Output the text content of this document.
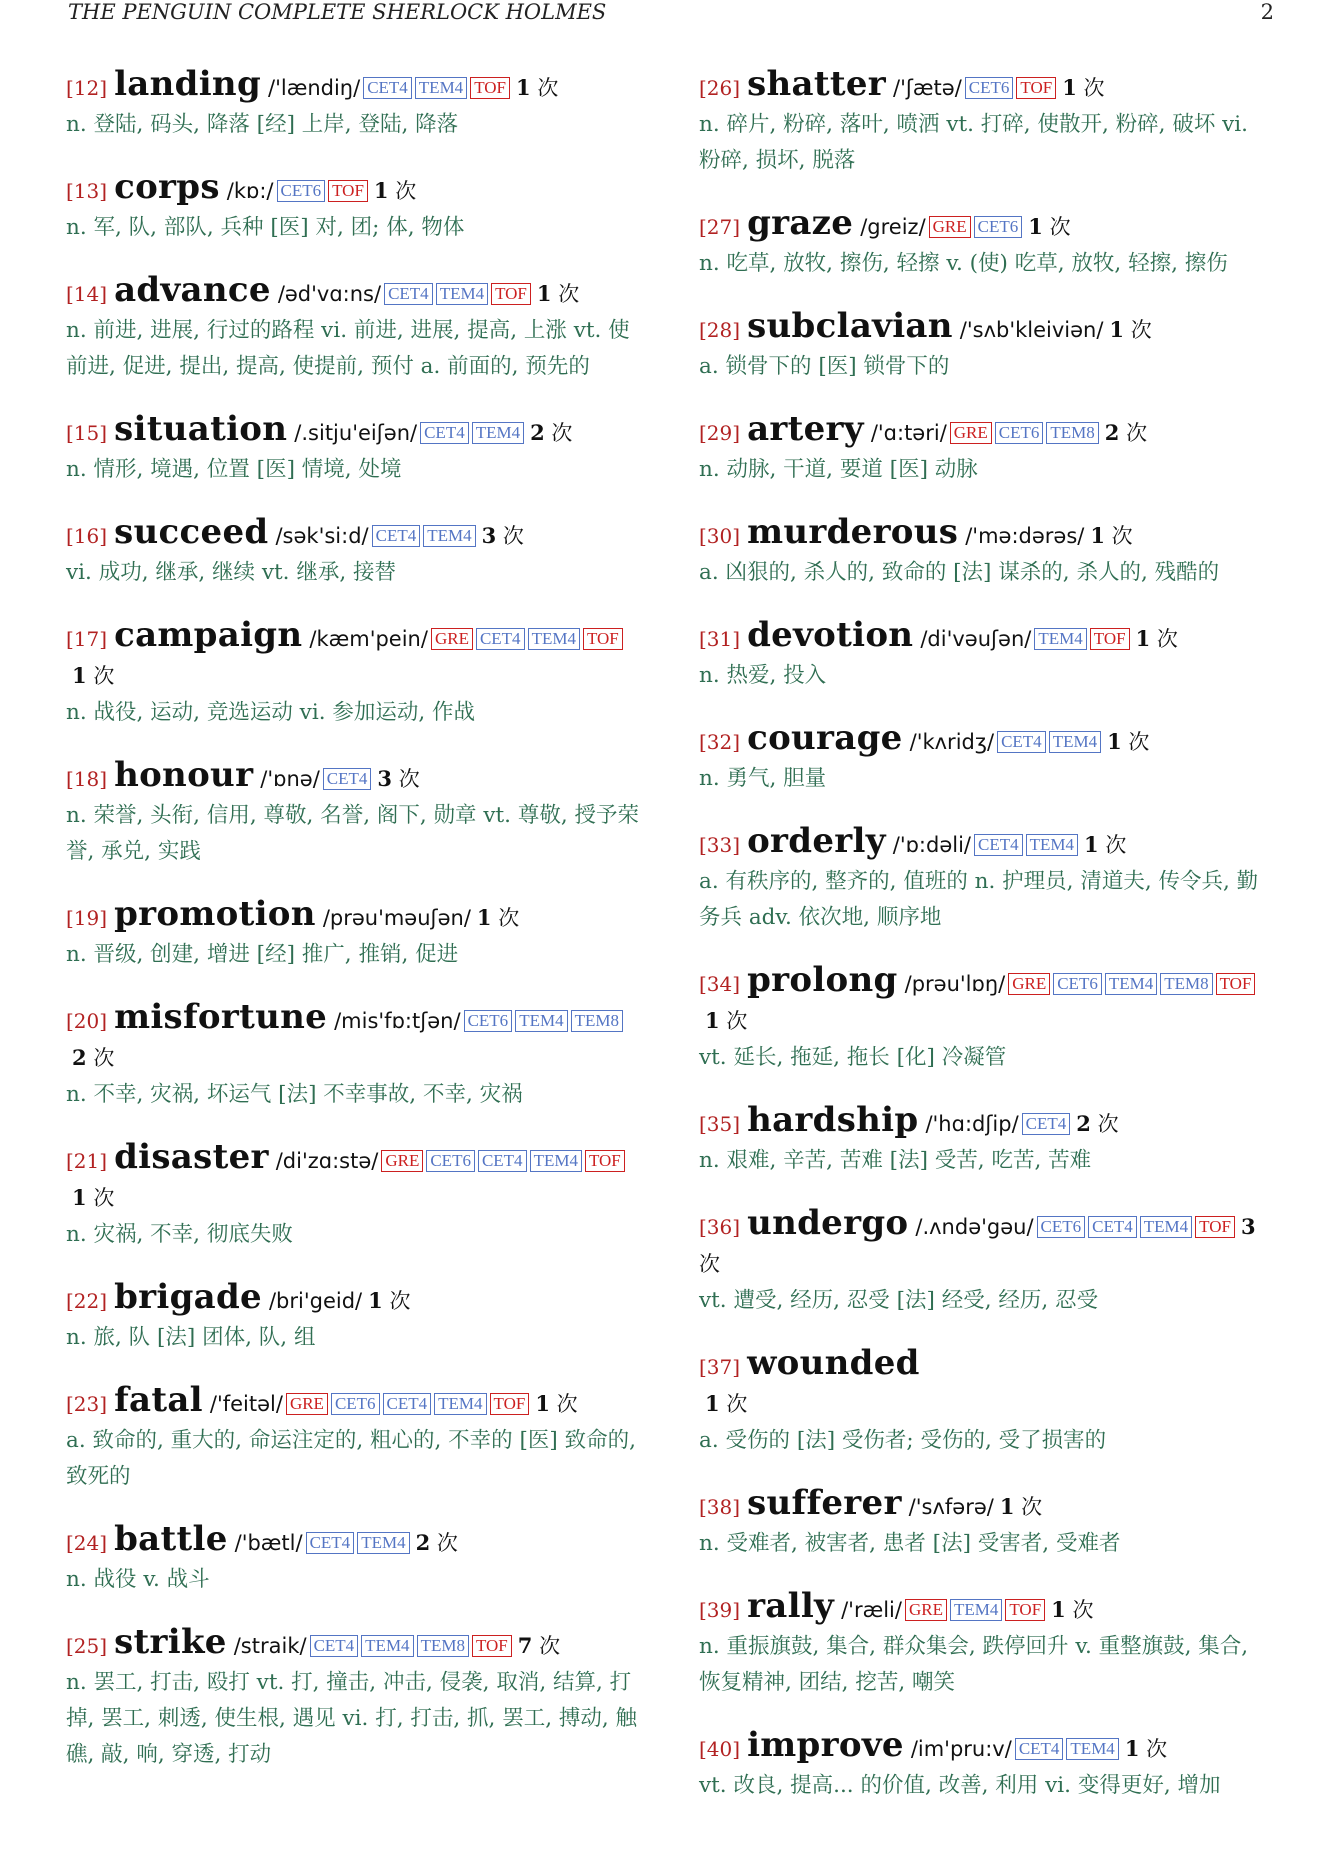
THE PENGUIN COMPLETE SHERLOCK HOLMES	2
[12] landing /'lændiŋ/ CET4 TEM4 TOF 1 次
n. 登陆, 码头, 降落 [经] 上岸, 登陆, 降落
[13] corps /kɒ:/ CET6 TOF 1 次
n. 军, 队, 部队, 兵种 [医] 对, 团; 体, 物体
[14] advance /əd'vɑ:ns/ CET4 TEM4 TOF 1 次
n. 前进, 进展, 行过的路程 vi. 前进, 进展, 提高, 上涨 vt. 使前进, 促进, 提出, 提高, 使提前, 预付 a. 前面的, 预先的
[15] situation /.sitju'eiʃən/ CET4 TEM4 2 次
n. 情形, 境遇, 位置 [医] 情境, 处境
[16] succeed /sək'si:d/ CET4 TEM4 3 次
vi. 成功, 继承, 继续 vt. 继承, 接替
[17] campaign /kæm'pein/ GRE CET4 TEM4 TOF1 次
n. 战役, 运动, 竞选运动 vi. 参加运动, 作战
[18] honour /'ɒnə/ CET4 3 次
n. 荣誉, 头衔, 信用, 尊敬, 名誉, 阁下, 勋章 vt. 尊敬, 授予荣誉, 承兑, 实践
[19] promotion /prəu'məuʃən/ 1 次
n. 晋级, 创建, 增进 [经] 推广, 推销, 促进
[20] misfortune /mis'fɒ:tʃən/ CET6 TEM4 TEM82 次
n. 不幸, 灾祸, 坏运气 [法] 不幸事故, 不幸, 灾祸
[21] disaster /di'zɑ:stə/ GRE CET6 CET4 TEM4 TOF1 次
n. 灾祸, 不幸, 彻底失败
[22] brigade /bri'geid/ 1 次
n. 旅, 队 [法] 团体, 队, 组
[23] fatal /'feitəl/ GRE CET6 CET4 TEM4 TOF 1 次
a. 致命的, 重大的, 命运注定的, 粗心的, 不幸的 [医] 致命的, 致死的
[24] battle /'bætl/ CET4 TEM4 2 次
n. 战役 v. 战斗
[25] strike /straik/ CET4 TEM4 TEM8 TOF 7 次
n. 罢工, 打击, 殴打 vt. 打, 撞击, 冲击, 侵袭, 取消, 结算, 打掉, 罢工, 刺透, 使生根, 遇见 vi. 打, 打击, 抓, 罢工, 搏动, 触礁, 敲, 响, 穿透, 打动
[26] shatter /'ʃætə/ CET6 TOF 1 次
n. 碎片, 粉碎, 落叶, 喷洒 vt. 打碎, 使散开, 粉碎, 破坏 vi. 粉碎, 损坏, 脱落
[27] graze /greiz/ GRE CET6 1 次
n. 吃草, 放牧, 擦伤, 轻擦 v. (使) 吃草, 放牧, 轻擦, 擦伤
[28] subclavian /'sʌb'kleiviən/ 1 次
a. 锁骨下的 [医] 锁骨下的
[29] artery /'ɑ:təri/ GRE CET6 TEM8 2 次
n. 动脉, 干道, 要道 [医] 动脉
[30] murderous /'mə:dərəs/ 1 次
a. 凶狠的, 杀人的, 致命的 [法] 谋杀的, 杀人的, 残酷的
[31] devotion /di'vəuʃən/ TEM4 TOF 1 次
n. 热爱, 投入
[32] courage /'kʌridʒ/ CET4 TEM4 1 次
n. 勇气, 胆量
[33] orderly /'ɒ:dəli/ CET4 TEM4 1 次
a. 有秩序的, 整齐的, 值班的 n. 护理员, 清道夫, 传令兵, 勤务兵 adv. 依次地, 顺序地
[34] prolong /prəu'lɒŋ/ GRE CET6 TEM4 TEM8 TOF1 次
vt. 延长, 拖延, 拖长 [化] 冷凝管
[35] hardship /'hɑ:dʃip/ CET4 2 次
n. 艰难, 辛苦, 苦难 [法] 受苦, 吃苦, 苦难
[36] undergo /.ʌndə'gəu/ CET6 CET4 TEM4 TOF 3 次
vt. 遭受, 经历, 忍受 [法] 经受, 经历, 忍受
[37] wounded
1 次
a. 受伤的 [法] 受伤者; 受伤的, 受了损害的
[38] sufferer /'sʌfərə/ 1 次
n. 受难者, 被害者, 患者 [法] 受害者, 受难者
[39] rally /'ræli/ GRE TEM4 TOF 1 次
n. 重振旗鼓, 集合, 群众集会, 跌停回升 v. 重整旗鼓, 集合, 恢复精神, 团结, 挖苦, 嘲笑
[40] improve /im'pru:v/ CET4 TEM4 1 次
vt. 改良, 提高... 的价值, 改善, 利用 vi. 变得更好, 增加
